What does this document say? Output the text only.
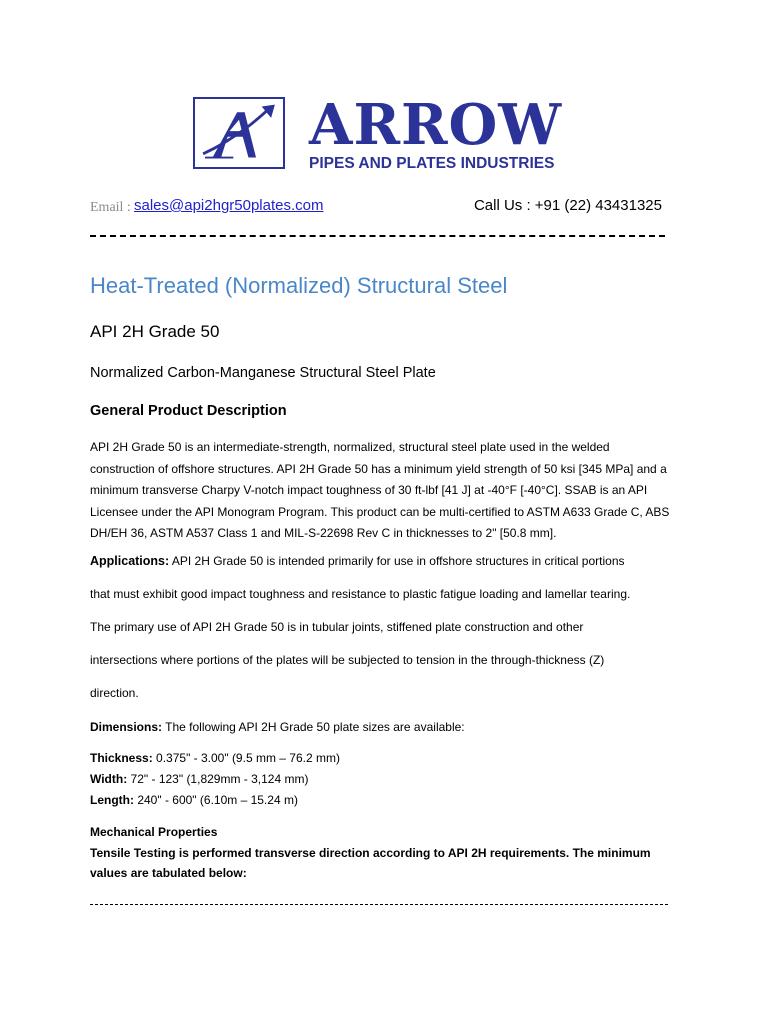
ARROW
PIPES AND PLATES INDUSTRIES
Email : sales@api2hgr50plates.com	Call Us : +91 (22) 43431325
Heat-Treated (Normalized) Structural Steel
API 2H Grade 50
Normalized Carbon-Manganese Structural Steel Plate
General Product Description
API 2H Grade 50 is an intermediate-strength, normalized, structural steel plate used in the welded construction of offshore structures. API 2H Grade 50 has a minimum yield strength of 50 ksi [345 MPa] and a minimum transverse Charpy V-notch impact toughness of 30 ft-lbf [41 J] at -40°F [-40°C]. SSAB is an API Licensee under the API Monogram Program. This product can be multi-certified to ASTM A633 Grade C, ABS DH/EH 36, ASTM A537 Class 1 and MIL-S-22698 Rev C in thicknesses to 2" [50.8 mm].
Applications: API 2H Grade 50 is intended primarily for use in offshore structures in critical portions
that must exhibit good impact toughness and resistance to plastic fatigue loading and lamellar tearing.
The primary use of API 2H Grade 50 is in tubular joints, stiffened plate construction and other
intersections where portions of the plates will be subjected to tension in the through-thickness (Z)
direction.
Dimensions: The following API 2H Grade 50 plate sizes are available:
Thickness: 0.375" - 3.00" (9.5 mm – 76.2 mm)
Width: 72" - 123" (1,829mm - 3,124 mm)
Length: 240" - 600" (6.10m – 15.24 m)
Mechanical Properties
Tensile Testing is performed transverse direction according to API 2H requirements. The minimum
values are tabulated below:
